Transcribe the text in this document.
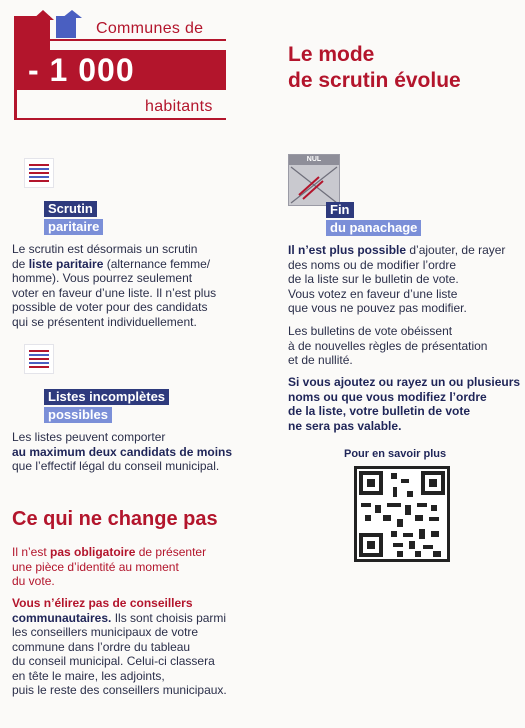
Communes de
- 1 000
habitants
Le mode
de scrutin évolue
Scrutin
paritaire
Le scrutin est désormais un scrutin
de liste paritaire (alternance femme/
homme). Vous pourrez seulement
voter en faveur d’une liste. Il n’est plus
possible de voter pour des candidats
qui se présentent individuellement.
Listes incomplètes
possibles
Les listes peuvent comporter
au maximum deux candidats de moins
que l’effectif légal du conseil municipal.
NUL
Fin
du panachage
Il n’est plus possible d’ajouter, de rayer
des noms ou de modifier l’ordre
de la liste sur le bulletin de vote.
Vous votez en faveur d’une liste
que vous ne pouvez pas modifier.
Les bulletins de vote obéissent
à de nouvelles règles de présentation
et de nullité.
Si vous ajoutez ou rayez un ou plusieurs
noms ou que vous modifiez l’ordre
de la liste, votre bulletin de vote
ne sera pas valable.
Pour en savoir plus
Ce qui ne change pas
Il n’est pas obligatoire de présenter
une pièce d’identité au moment
du vote.
Vous n’élirez pas de conseillers
communautaires. Ils sont choisis parmi
les conseillers municipaux de votre
commune dans l’ordre du tableau
du conseil municipal. Celui-ci classera
en tête le maire, les adjoints,
puis le reste des conseillers municipaux.
